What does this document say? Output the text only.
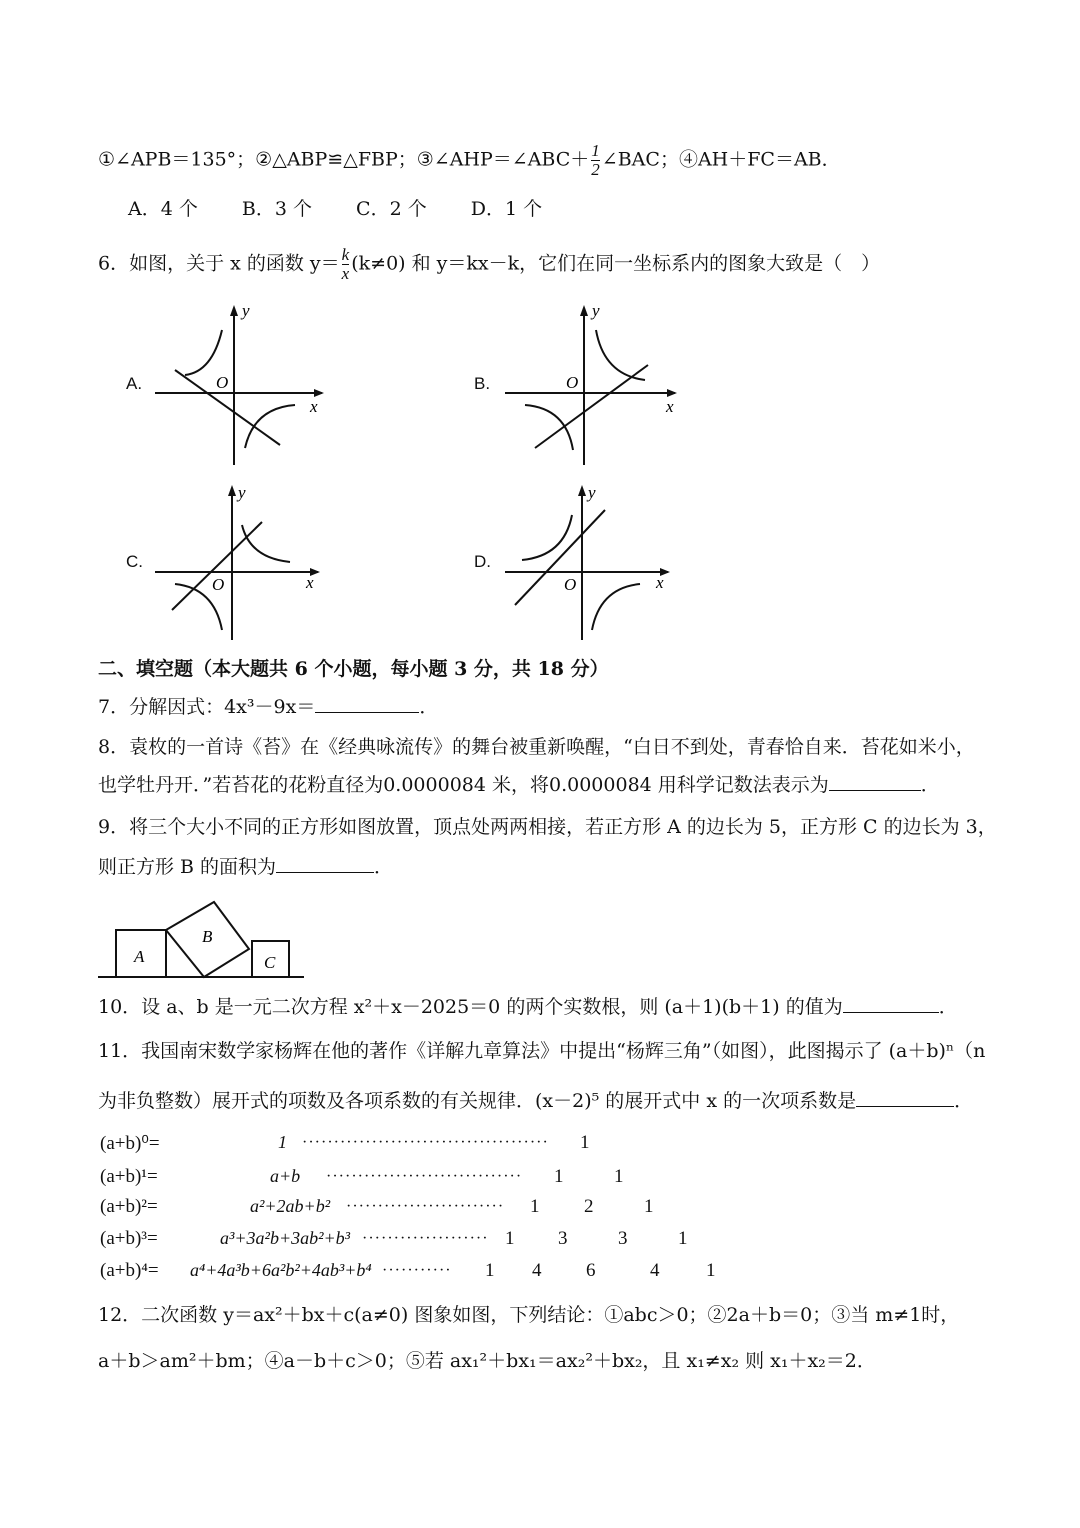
①∠APB＝135°；②△ABP≌△FBP；③∠AHP＝∠ABC＋ $\frac{1}{2}$ ∠BAC；④AH＋FC＝AB．
A．4 个 B．3 个 C．2 个 D．1 个
6．如图，关于 x 的函数 $y= \frac{k}{x} (k\ne 0)$ 和 y＝kx－k，它们在同一坐标系内的图象大致是（　）
A.
y
x
O	B.
y
x
O
C.
y
x
O
D.
y
x
O
二、填空题（本大题共 6 个小题，每小题 3 分，共 18 分）
7．分解因式：4x³－9x＝	．
8．袁枚的一首诗《苔》在《经典咏流传》的舞台被重新唤醒，“白日不到处，青春恰自来．苔花如米小，
也学牡丹开．”若苔花的花粉直径为0.0000084 米，将0.0000084 用科学记数法表示为	．
9．将三个大小不同的正方形如图放置，顶点处两两相接，若正方形 A 的边长为 5，正方形 C 的边长为 3，
则正方形 B 的面积为	．
A
B
C
10．设 a、b 是一元二次方程 x²＋x－2025＝0 的两个实数根，则 (a＋1)(b＋1) 的值为	．
11．我国南宋数学家杨辉在他的著作《详解九章算法》中提出“杨辉三角”（如图），此图揭示了 (a＋b)ⁿ（n
为非负整数）展开式的项数及各项系数的有关规律．(x－2)⁵ 的展开式中 x 的一次项系数是	．
(a+b)⁰=	1 ······································· 1
(a+b)¹=	a+b ······························· 1	1
(a+b)²=	a²+2ab+b² ························· 1 2	1
(a+b)³=	a³+3a²b+3ab²+b³ ···················· 1 3	3	1
(a+b)⁴= a⁴+4a³b+6a²b²+4ab³+b⁴ ··········· 1 4 6	4 1
12．二次函数 y＝ax²＋bx＋c(a≠0) 图象如图，下列结论：①abc＞0；②2a＋b＝0；③当 m≠1时，
a＋b＞am²＋bm；④a－b＋c＞0；⑤若 ax₁²＋bx₁＝ax₂²＋bx₂，且 x₁≠x₂ 则 x₁＋x₂＝2．
